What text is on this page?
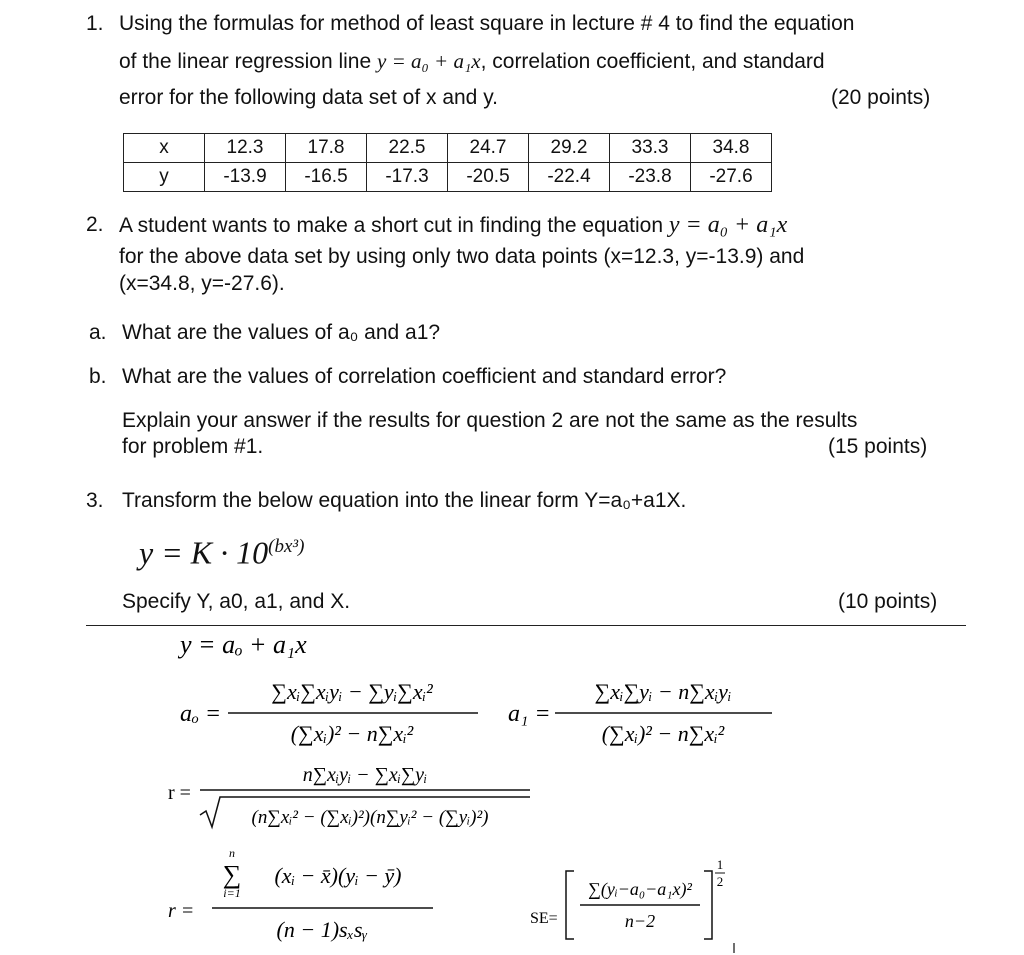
1. Using the formulas for method of least square in lecture # 4 to find the equation
of the linear regression line y = a₀ + a₁x, correlation coefficient, and standard
error for the following data set of x and y.	(20 points)
x	12.3	17.8	22.5	24.7	29.2	33.3	34.8
y	-13.9	-16.5	-17.3	-20.5	-22.4	-23.8	-27.6
2. A student wants to make a short cut in finding the equation y = a₀ + a₁x
for the above data set by using only two data points (x=12.3, y=-13.9) and
(x=34.8, y=-27.6).
a. What are the values of a₀ and a1?
b. What are the values of correlation coefficient and standard error?
Explain your answer if the results for question 2 are not the same as the results
for problem #1.	(15 points)
3. Transform the below equation into the linear form Y=a₀+a1X.
$y = K \cdot 10^{(bx^3)}$
Specify Y, a0, a1, and X.	(10 points)
y = aₒ + a₁x
aₒ =
∑xᵢ∑xᵢyᵢ − ∑yᵢ∑xᵢ²
(∑xᵢ)² − n∑xᵢ²
a₁ =
∑xᵢ∑yᵢ − n∑xᵢyᵢ
(∑xᵢ)² − n∑xᵢ²
r =
n∑xᵢyᵢ − ∑xᵢ∑yᵢ
(n∑xᵢ² − (∑xᵢ)²)(n∑yᵢ² − (∑yᵢ)²)
r =
n
∑
i=1
(xᵢ − x̄)(yᵢ − ȳ)
(n − 1)sₓsᵧ	SE=
∑(yᵢ−a₀−a₁x)²
n−2
1
2
